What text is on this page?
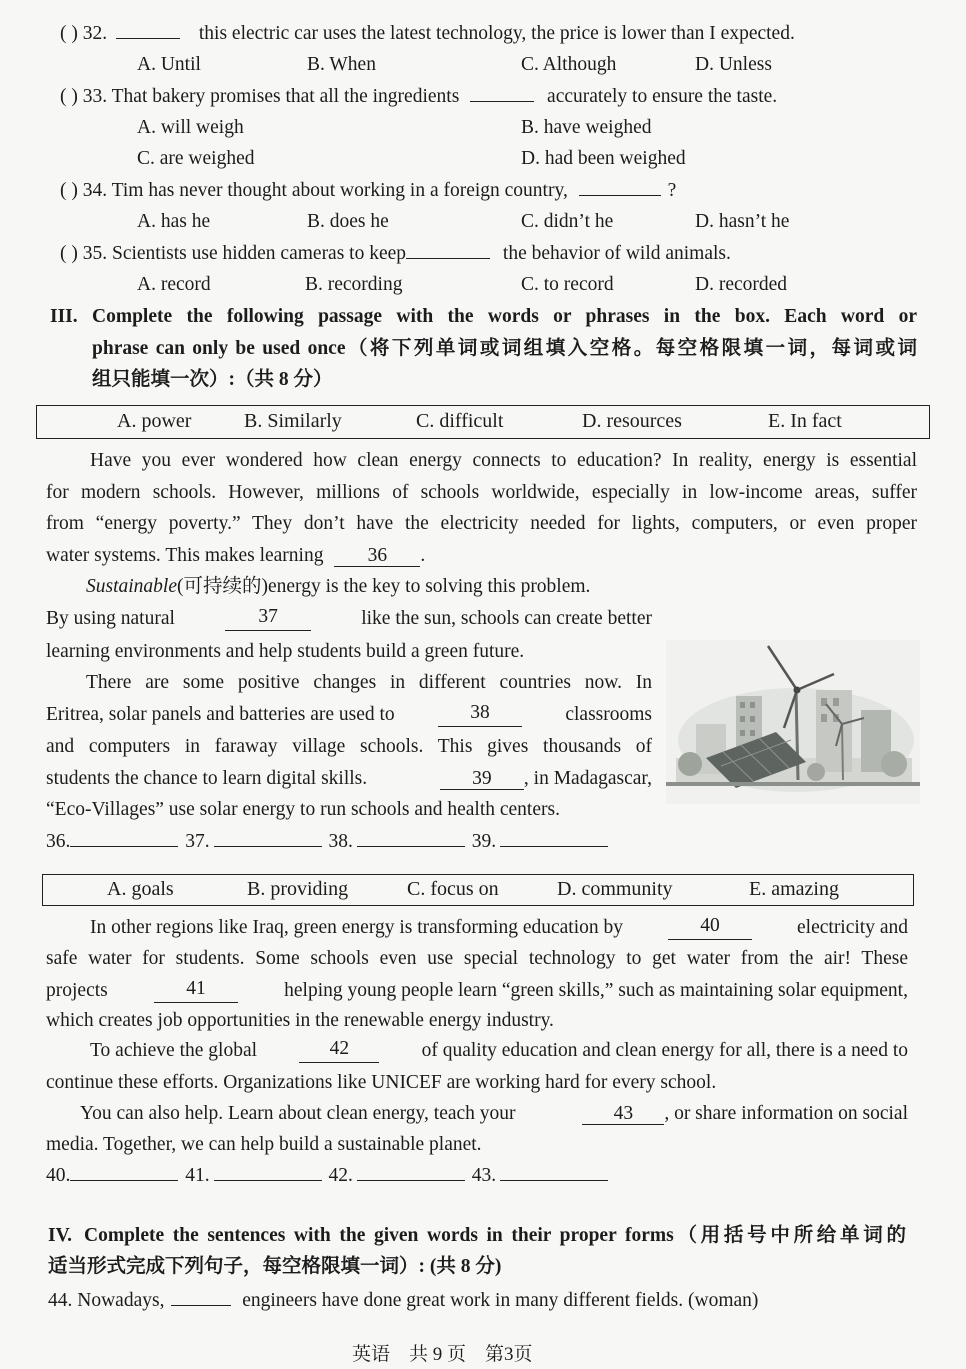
( ) 32.	this electric car uses the latest technology, the price is lower than I expected.
A. Until	B. When	C. Although	D. Unless
( ) 33. That bakery promises that all the ingredients	accurately to ensure the taste.
A. will weigh	B. have weighed
C. are weighed	D. had been weighed
( ) 34. Tim has never thought about working in a foreign country,	?
A. has he	B. does he	C. didn’t he	D. hasn’t he
( ) 35. Scientists use hidden cameras to keep	the behavior of wild animals.
A. record	B. recording	C. to record	D. recorded
III. Complete the following passage with the words or phrases in the box. Each word or
phrase can only be used once（将下列单词或词组填入空格。每空格限填一词，每词或词
组只能填一次）:（共 8 分）
A. power	B. Similarly	C. difficult	D. resources	E. In fact
Have you ever wondered how clean energy connects to education? In reality, energy is essential
for modern schools. However, millions of schools worldwide, especially in low-income areas, suffer
from “energy poverty.” They don’t have the electricity needed for lights, computers, or even proper
water systems. This makes learning 36 .
Sustainable(可持续的)energy is the key to solving this problem.
By using natural	37	like the sun, schools can create better
learning environments and help students build a green future.
There are some positive changes in different countries now. In
Eritrea, solar panels and batteries are used to	38	classrooms
and computers in faraway village schools. This gives thousands of
students the chance to learn digital skills.	39 , in Madagascar,
“Eco-Villages” use solar energy to run schools and health centers.
36.	37.	38.	39.
A. goals	B. providing	C. focus on	D. community	E. amazing
In other regions like Iraq, green energy is transforming education by	40	electricity and
safe water for students. Some schools even use special technology to get water from the air! These
projects	41	helping young people learn “green skills,” such as maintaining solar equipment,
which creates job opportunities in the renewable energy industry.
To achieve the global	42	of quality education and clean energy for all, there is a need to
continue these efforts. Organizations like UNICEF are working hard for every school.
You can also help. Learn about clean energy, teach your	43 , or share information on social
media. Together, we can help build a sustainable planet.
40.	41.	42.	43.
IV. Complete the sentences with the given words in their proper forms（用括号中所给单词的
适当形式完成下列句子，每空格限填一词）: (共 8 分)
44. Nowadays,	engineers have done great work in many different fields. (woman)
英语　共 9 页　第3页
